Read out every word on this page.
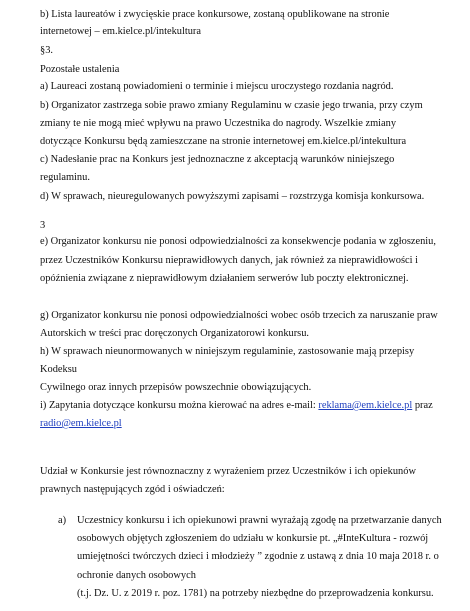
b) Lista laureatów i zwycięskie prace konkursowe, zostaną opublikowane na stronie
internetowej – em.kielce.pl/intekultura
§3.
Pozostałe ustalenia
a) Laureaci zostaną powiadomieni o terminie i miejscu uroczystego rozdania nagród.
b) Organizator zastrzega sobie prawo zmiany Regulaminu w czasie jego trwania, przy czym
zmiany te nie mogą mieć wpływu na prawo Uczestnika do nagrody. Wszelkie zmiany
dotyczące Konkursu będą zamieszczane na stronie internetowej em.kielce.pl/intekultura
c) Nadesłanie prac na Konkurs jest jednoznaczne z akceptacją warunków niniejszego
regulaminu.
d) W sprawach, nieuregulowanych powyższymi zapisami – rozstrzyga komisja konkursowa.
3
e) Organizator konkursu nie ponosi odpowiedzialności za konsekwencje podania w zgłoszeniu,
przez Uczestników Konkursu nieprawidłowych danych, jak również za nieprawidłowości i
opóźnienia związane z nieprawidłowym działaniem serwerów lub poczty elektronicznej.
g) Organizator konkursu nie ponosi odpowiedzialności wobec osób trzecich za naruszanie praw
Autorskich w treści prac doręczonych Organizatorowi konkursu.
h) W sprawach nieunormowanych w niniejszym regulaminie, zastosowanie mają przepisy
Kodeksu
Cywilnego oraz innych przepisów powszechnie obowiązujących.
i) Zapytania dotyczące konkursu można kierować na adres e-mail: reklama@em.kielce.pl praz
radio@em.kielce.pl
Udział w Konkursie jest równoznaczny z wyrażeniem przez Uczestników i ich opiekunów
prawnych następujących zgód i oświadczeń:
a) Uczestnicy konkursu i ich opiekunowi prawni wyrażają zgodę na przetwarzanie danych
osobowych objętych zgłoszeniem do udziału w konkursie pt. „#InteKultura - rozwój
umiejętności twórczych dzieci i młodzieży ” zgodnie z ustawą z dnia 10 maja 2018 r. o
ochronie danych osobowych
(t.j. Dz. U. z 2019 r. poz. 1781) na potrzeby niezbędne do przeprowadzenia konkursu.
